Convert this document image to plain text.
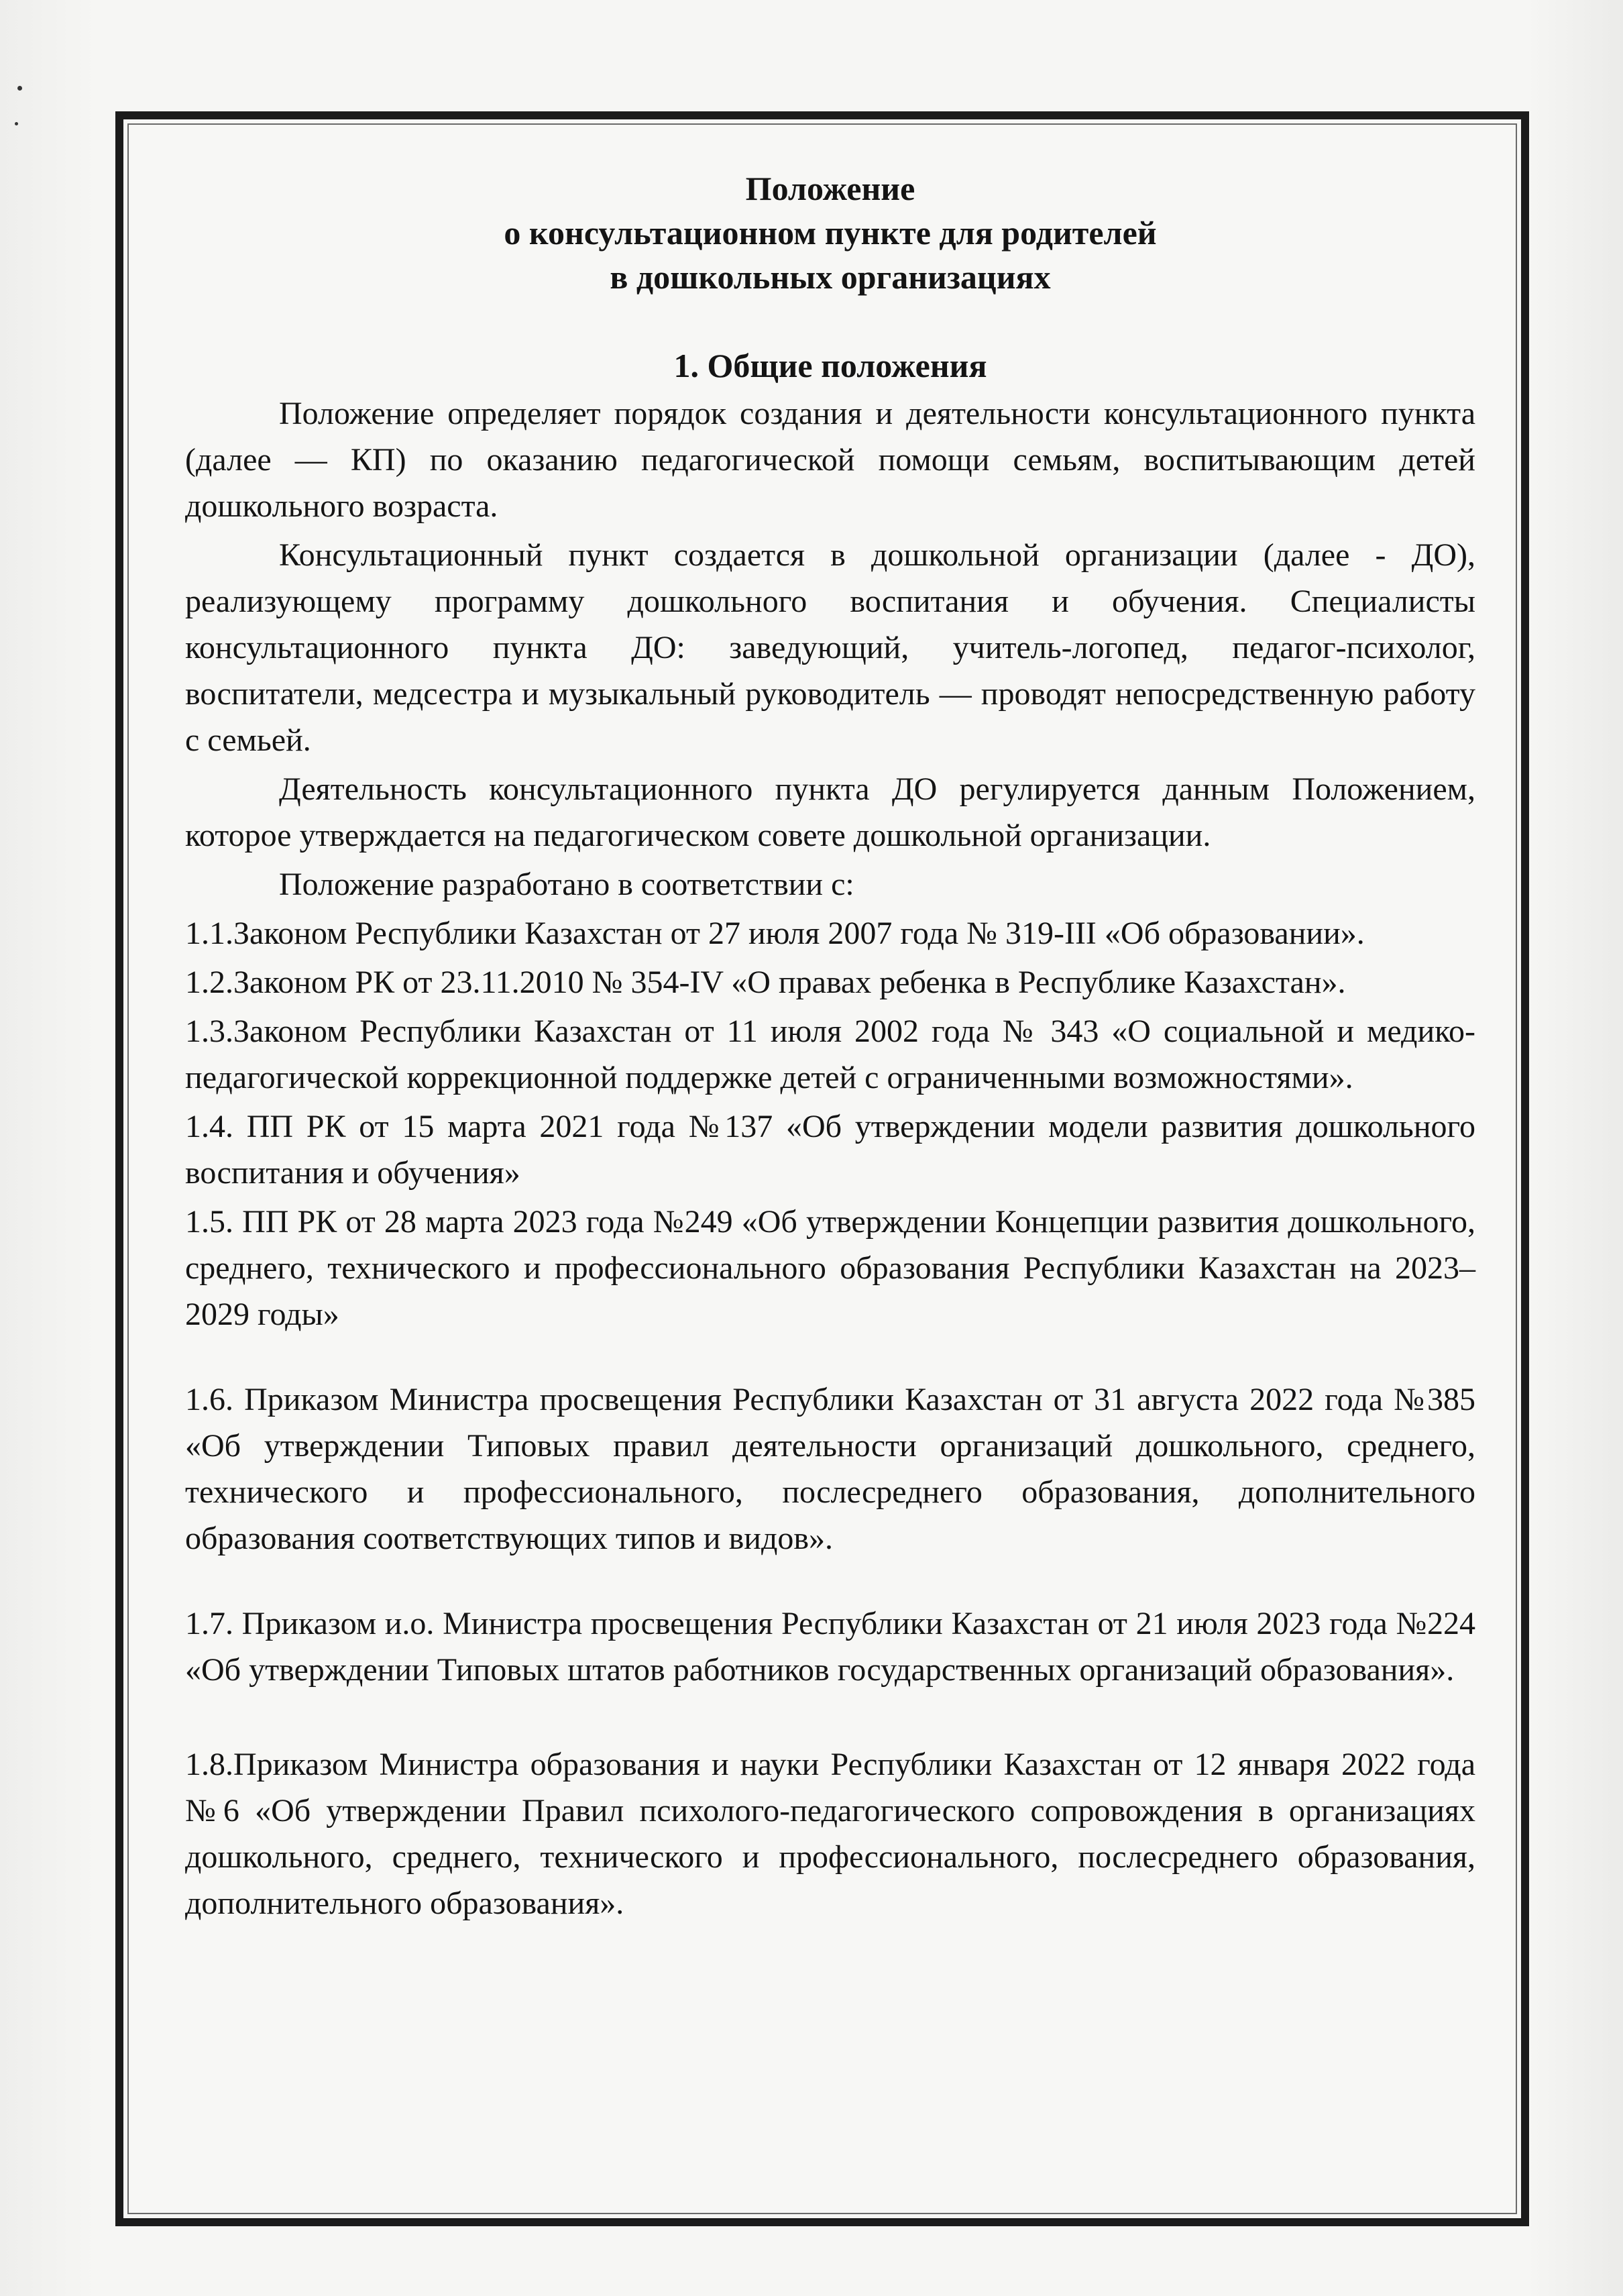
Положение
о консультационном пункте для родителей
в дошкольных организациях
1. Общие положения

Положение определяет порядок создания и деятельности консультационного пункта (далее — КП) по оказанию педагогической помощи семьям, воспитывающим детей дошкольного возраста.

Консультационный пункт создается в дошкольной организации (далее - ДО), реализующему программу дошкольного воспитания и обучения. Специалисты консультационного пункта ДО: заведующий, учитель-логопед, педагог-психолог, воспитатели, медсестра и музыкальный руководитель — проводят непосредственную работу с семьей.

Деятельность консультационного пункта ДО регулируется данным Положением, которое утверждается на педагогическом совете дошкольной организации.

Положение разработано в соответствии с:

1.1.Законом Республики Казахстан от 27 июля 2007 года № 319-III «Об образовании».

1.2.Законом РК от 23.11.2010 № 354-IV «О правах ребенка в Республике Казахстан».

1.3.Законом Республики Казахстан от 11 июля 2002 года № 343 «О социальной и медико-педагогической коррекционной поддержке детей с ограниченными возможностями».

1.4. ПП РК от 15 марта 2021 года №137 «Об утверждении модели развития дошкольного воспитания и обучения»

1.5. ПП РК от 28 марта 2023 года №249 «Об утверждении Концепции развития дошкольного, среднего, технического и профессионального образования Республики Казахстан на 2023–2029 годы»

1.6. Приказом Министра просвещения Республики Казахстан от 31 августа 2022 года №385 «Об утверждении Типовых правил деятельности организаций дошкольного, среднего, технического и профессионального, послесреднего образования, дополнительного образования соответствующих типов и видов».

1.7. Приказом и.о. Министра просвещения Республики Казахстан от 21 июля 2023 года №224 «Об утверждении Типовых штатов работников государственных организаций образования».

1.8.Приказом Министра образования и науки Республики Казахстан от 12 января 2022 года №6 «Об утверждении Правил психолого-педагогического сопровождения в организациях дошкольного, среднего, технического и профессионального, послесреднего образования, дополнительного образования».
